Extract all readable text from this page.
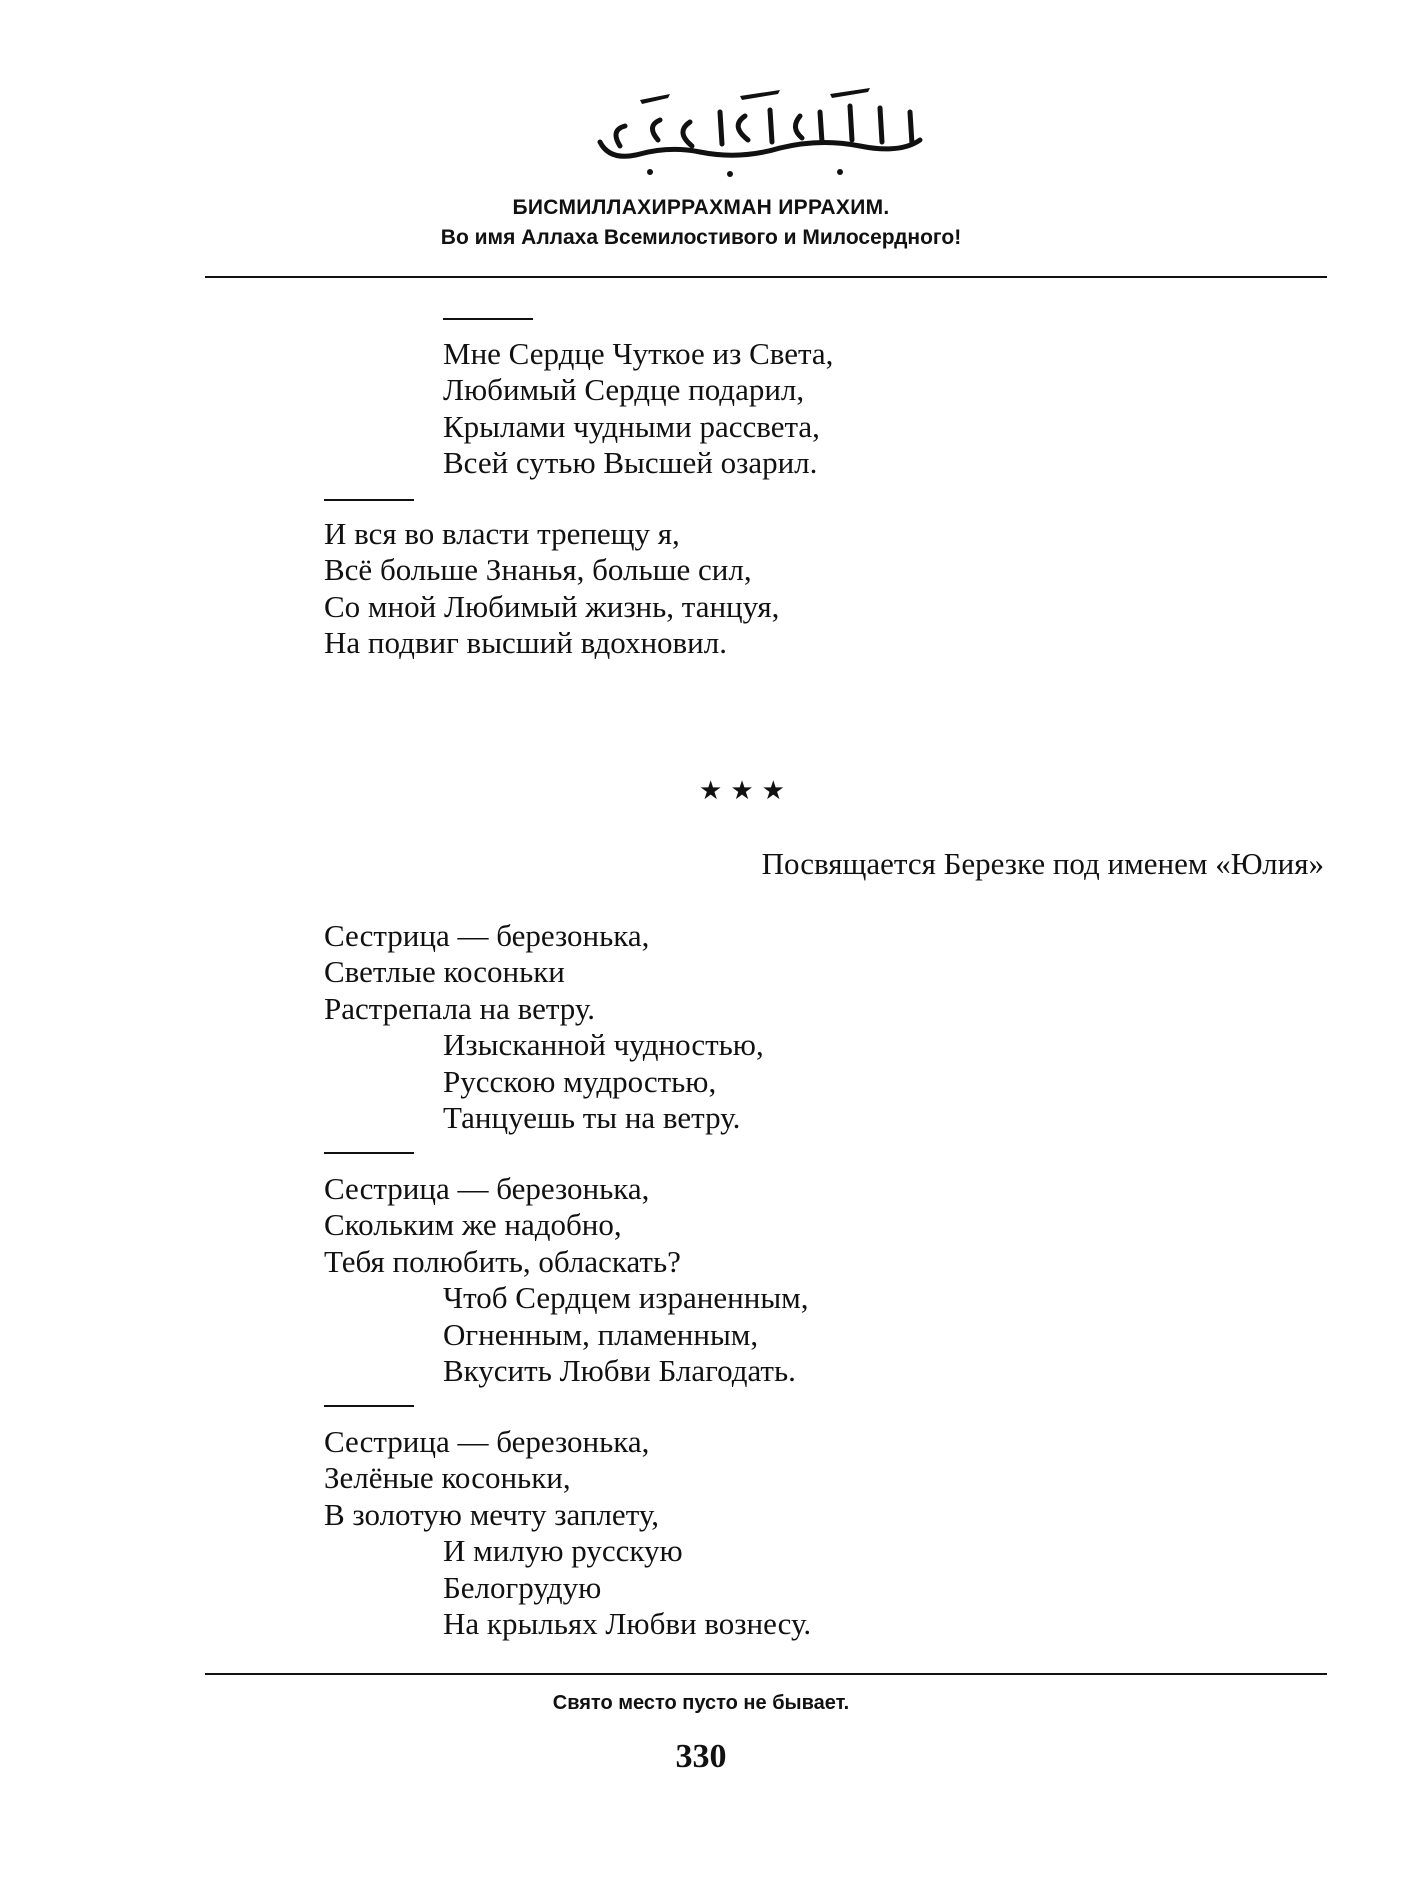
БИСМИЛЛАХИРРАХМАН ИРРАХИМ.
Во имя Аллаха Всемилостивого и Милосердного!
Мне Сердце Чуткое из Света,
Любимый Сердце подарил,
Крылами чудными рассвета,
Всей сутью Высшей озарил.
И вся во власти трепещу я,
Всё больше Знанья, больше сил,
Со мной Любимый жизнь, танцуя,
На подвиг высший вдохновил.
★★★
Посвящается Березке под именем «Юлия»
Сестрица — березонька,
Светлые косоньки
Растрепала на ветру.
Изысканной чудностью,
Русскою мудростью,
Танцуешь ты на ветру.
Сестрица — березонька,
Скольким же надобно,
Тебя полюбить, обласкать?
Чтоб Сердцем израненным,
Огненным, пламенным,
Вкусить Любви Благодать.
Сестрица — березонька,
Зелёные косоньки,
В золотую мечту заплету,
И милую русскую
Белогрудую
На крыльях Любви вознесу.
Свято место пусто не бывает.
330
